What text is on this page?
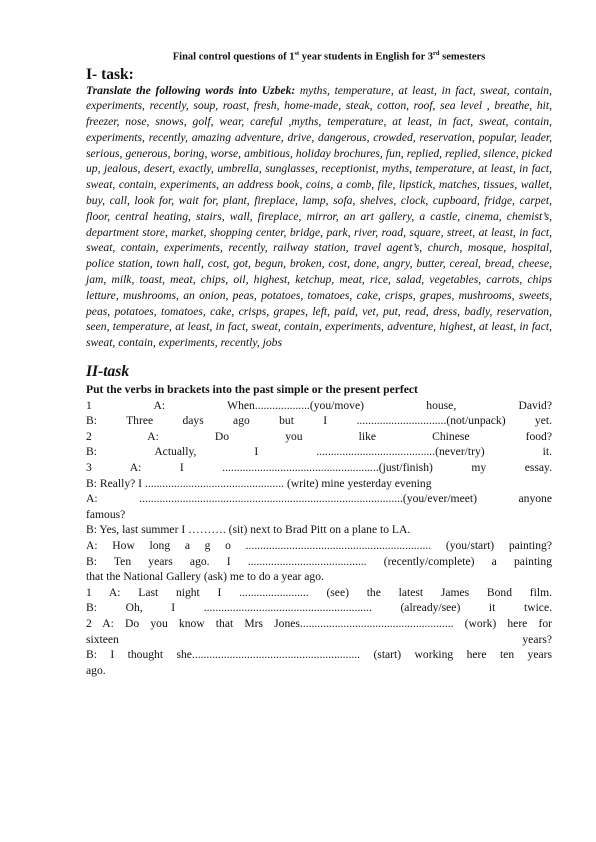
Final control questions of 1st year students in English for 3rd semesters

I- task:

Translate the following words into Uzbek: myths, temperature, at least, in fact, sweat, contain, experiments, recently, soup, roast, fresh, home-made, steak, cotton, roof, sea level , breathe, hit, freezer, nose, snows, golf, wear, careful ,myths, temperature, at least, in fact, sweat, contain, experiments, recently, amazing adventure, drive, dangerous, crowded, reservation, popular, leader, serious, generous, boring, worse, ambitious, holiday brochures, fun, replied, replied, silence, picked up, jealous, desert, exactly, umbrella, sunglasses, receptionist, myths, temperature, at least, in fact, sweat, contain, experiments, an address book, coins, a comb, file, lipstick, matches, tissues, wallet, buy, call, look for, wait for, plant, fireplace, lamp, sofa, shelves, clock, cupboard, fridge, carpet, floor, central heating, stairs, wall, fireplace, mirror, an art gallery, a castle, cinema, chemist’s, department store, market, shopping center, bridge, park, river, road, square, street, at least, in fact, sweat, contain, experiments, recently, railway station, travel agent’s, church, mosque, hospital, police station, town hall, cost, got, begun, broken, cost, done, angry, butter, cereal, bread, cheese, jam, milk, toast, meat, chips, oil, highest, ketchup, meat, rice, salad, vegetables, carrots, chips letture, mushrooms, an onion, peas, potatoes, tomatoes, cake, crisps, grapes, mushrooms, sweets, peas, potatoes, tomatoes, cake, crisps, grapes, left, paid, vet, put, read, dress, badly, reservation, seen, temperature, at least, in fact, sweat, contain, experiments, adventure, highest, at least, in fact, sweat, contain, experiments, recently, jobs

II-task

Put the verbs in brackets into the past simple or the present perfect

1 A: When...................(you/move) house, David?

B: Three days ago but I ...............................(not/unpack) yet.

2 A: Do you like Chinese food?

B: Actually, I .........................................(never/try) it.

3 A: I ......................................................(just/finish) my essay.

B: Really? I ................................................ (write) mine yesterday evening

A: ...........................................................................................(you/ever/meet) anyone

famous?

B: Yes, last summer I ………. (sit) next to Brad Pitt on a plane to LA.

A: How long a g o ................................................................ (you/start) painting?

B: Ten years ago. I ......................................... (recently/complete) a painting

that the National Gallery (ask) me to do a year ago.

1 A: Last night I ........................ (see) the latest James Bond film.

B: Oh, I .......................................................... (already/see) it twice.

2 A: Do you know that Mrs Jones..................................................... (work) here for

sixteen years?

B: I thought she.......................................................... (start) working here ten years

ago.
